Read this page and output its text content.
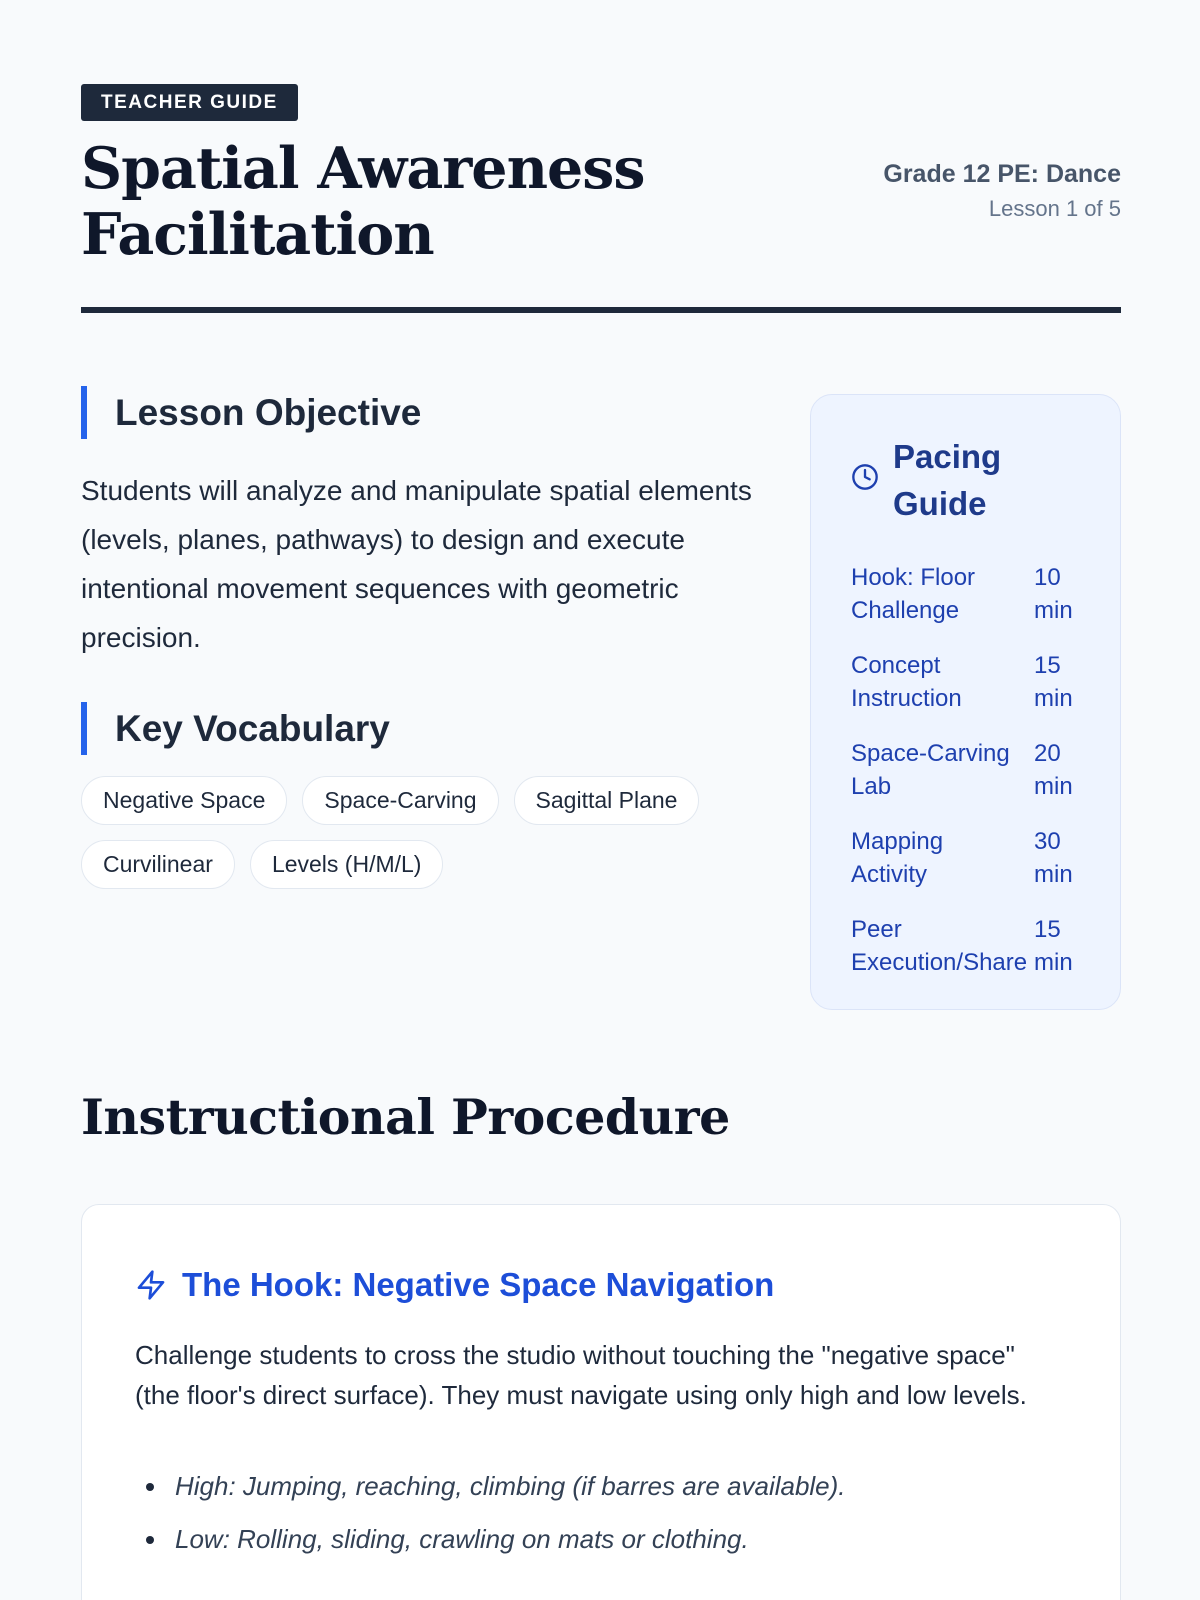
TEACHER GUIDE
Spatial Awareness Facilitation
Grade 12 PE: Dance
Lesson 1 of 5
Lesson Objective

Students will analyze and manipulate spatial elements (levels, planes, pathways) to design and execute intentional movement sequences with geometric precision.

Key Vocabulary
Negative Space	Space-Carving	Sagittal Plane
Curvilinear	Levels (H/M/L)
Pacing Guide
Hook: Floor Challenge
10 min
Concept Instruction
15 min
Space-Carving Lab
20 min
Mapping Activity
30 min
Peer Execution/Share
15 min
Instructional Procedure
The Hook: Negative Space Navigation

Challenge students to cross the studio without touching the "negative space" (the floor's direct surface). They must navigate using only high and low levels.

High: Jumping, reaching, climbing (if barres are available).
Low: Rolling, sliding, crawling on mats or clothing.
